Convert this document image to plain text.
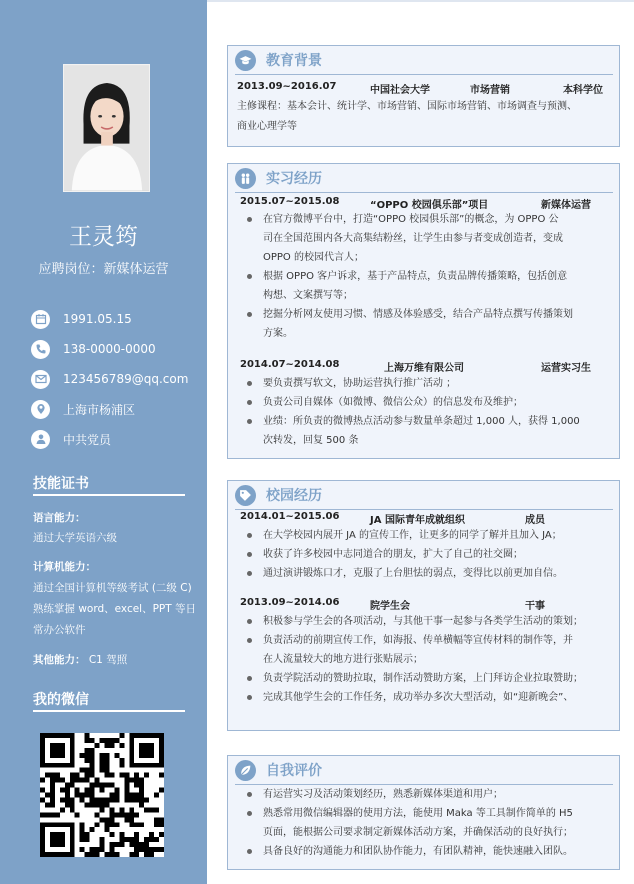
王灵筠
应聘岗位：新媒体运营
1991.05.15
138-0000-0000
123456789@qq.com
上海市杨浦区
中共党员
技能证书
语言能力：
通过大学英语六级
计算机能力：
通过全国计算机等级考试 (二级 C)
熟练掌握 word、excel、PPT 等日
常办公软件
其他能力： C1 驾照
我的微信
教育背景
2013.09~2016.07	中国社会大学	市场营销	本科学位
主修课程：基本会计、统计学、市场营销、国际市场营销、市场调查与预测、
商业心理学等
实习经历
2015.07~2015.08	“OPPO 校园俱乐部”项目	新媒体运营
在官方微博平台中，打造“OPPO 校园俱乐部”的概念，为 OPPO 公
司在全国范围内各大高集结粉丝，让学生由参与者变成创造者，变成
OPPO 的校园代言人；
根据 OPPO 客户诉求，基于产品特点，负责品牌传播策略，包括创意
构想、文案撰写等；
挖掘分析网友使用习惯、情感及体验感受，结合产品特点撰写传播策划
方案。
2014.07~2014.08	上海万维有限公司	运营实习生
要负责撰写软文，协助运营执行推广活动 ；
负责公司自媒体（如微博、微信公众）的信息发布及维护；
业绩：所负责的微博热点活动参与数量单条超过 1,000 人，获得 1,000
次转发，回复 500 条
校园经历
2014.01~2015.06	JA 国际青年成就组织	成员
在大学校园内展开 JA 的宣传工作，让更多的同学了解并且加入 JA；
收获了许多校园中志同道合的朋友，扩大了自己的社交圈；
通过演讲锻炼口才，克服了上台胆怯的弱点，变得比以前更加自信。
2013.09~2014.06	院学生会	干事
积极参与学生会的各项活动，与其他干事一起参与各类学生活动的策划；
负责活动的前期宣传工作，如海报、传单横幅等宣传材料的制作等，并
在人流量较大的地方进行张贴展示；
负责学院活动的赞助拉取，制作活动赞助方案，上门拜访企业拉取赞助；
完成其他学生会的工作任务，成功举办多次大型活动，如“迎新晚会”、
自我评价
有运营实习及活动策划经历，熟悉新媒体渠道和用户；
熟悉常用微信编辑器的使用方法，能使用 Maka 等工具制作简单的 H5
页面，能根据公司要求制定新媒体活动方案，并确保活动的良好执行；
具备良好的沟通能力和团队协作能力，有团队精神，能快速融入团队。
